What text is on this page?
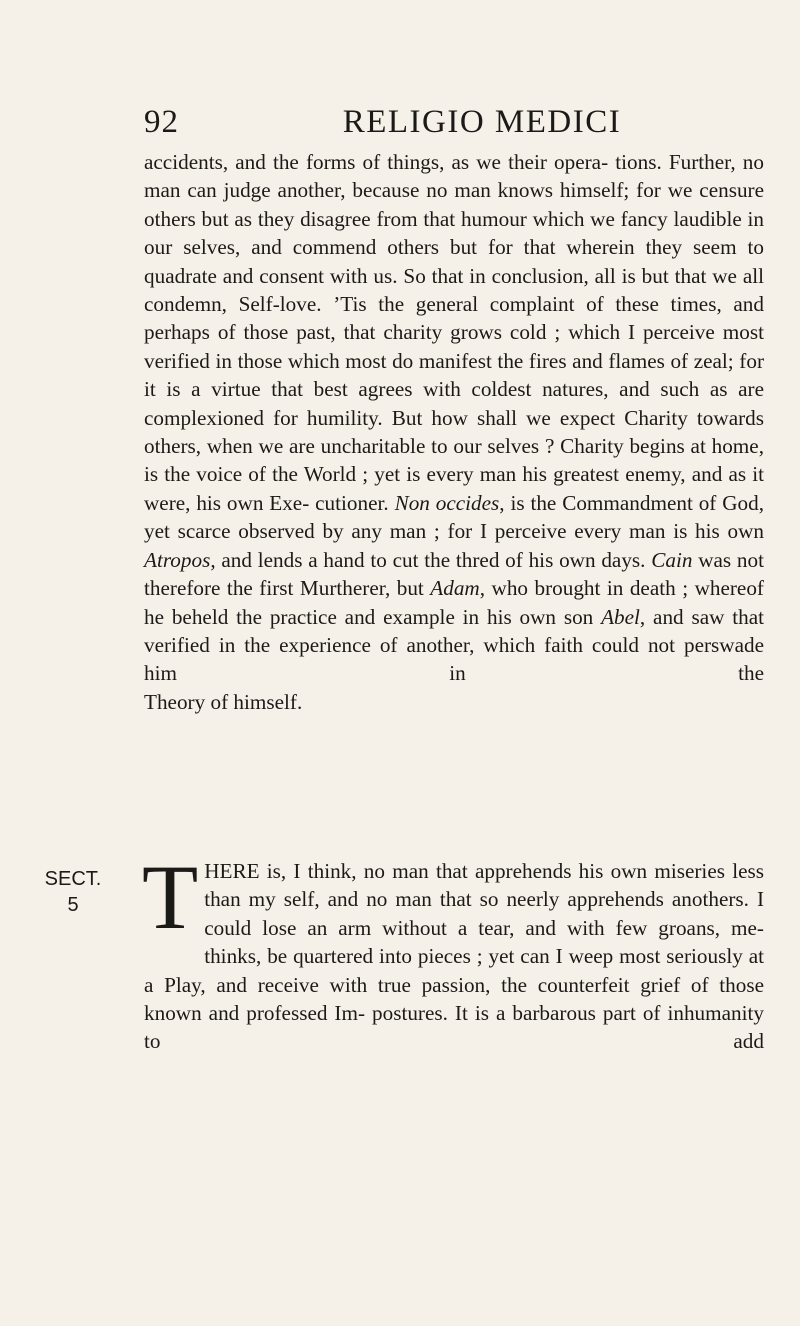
92	RELIGIO MEDICI

accidents, and the forms of things, as we their opera- tions. Further, no man can judge another, because no man knows himself; for we censure others but as they disagree from that humour which we fancy laudible in our selves, and commend others but for that wherein they seem to quadrate and consent with us. So that in conclusion, all is but that we all condemn, Self-love. ’Tis the general complaint of these times, and perhaps of those past, that charity grows cold ; which I perceive most verified in those which most do manifest the fires and flames of zeal; for it is a virtue that best agrees with coldest natures, and such as are complexioned for humility. But how shall we expect Charity towards others, when we are uncharitable to our selves ? Charity begins at home, is the voice of the World ; yet is every man his greatest enemy, and as it were, his own Exe- cutioner. Non occides, is the Commandment of God, yet scarce observed by any man ; for I perceive every man is his own Atropos, and lends a hand to cut the thred of his own days. Cain was not therefore the first Murtherer, but Adam, who brought in death ; whereof he beheld the practice and example in his own son Abel, and saw that verified in the experience of another, which faith could not perswade him in the

Theory of himself.

SECT.
5 T HERE is, I think, no man that apprehends his own miseries less than my self, and no man that so neerly apprehends anothers. I could lose an arm without a tear, and with few groans, me- thinks, be quartered into pieces ; yet can I weep most seriously at a Play, and receive with true passion, the counterfeit grief of those known and professed Im- postures. It is a barbarous part of inhumanity to add
